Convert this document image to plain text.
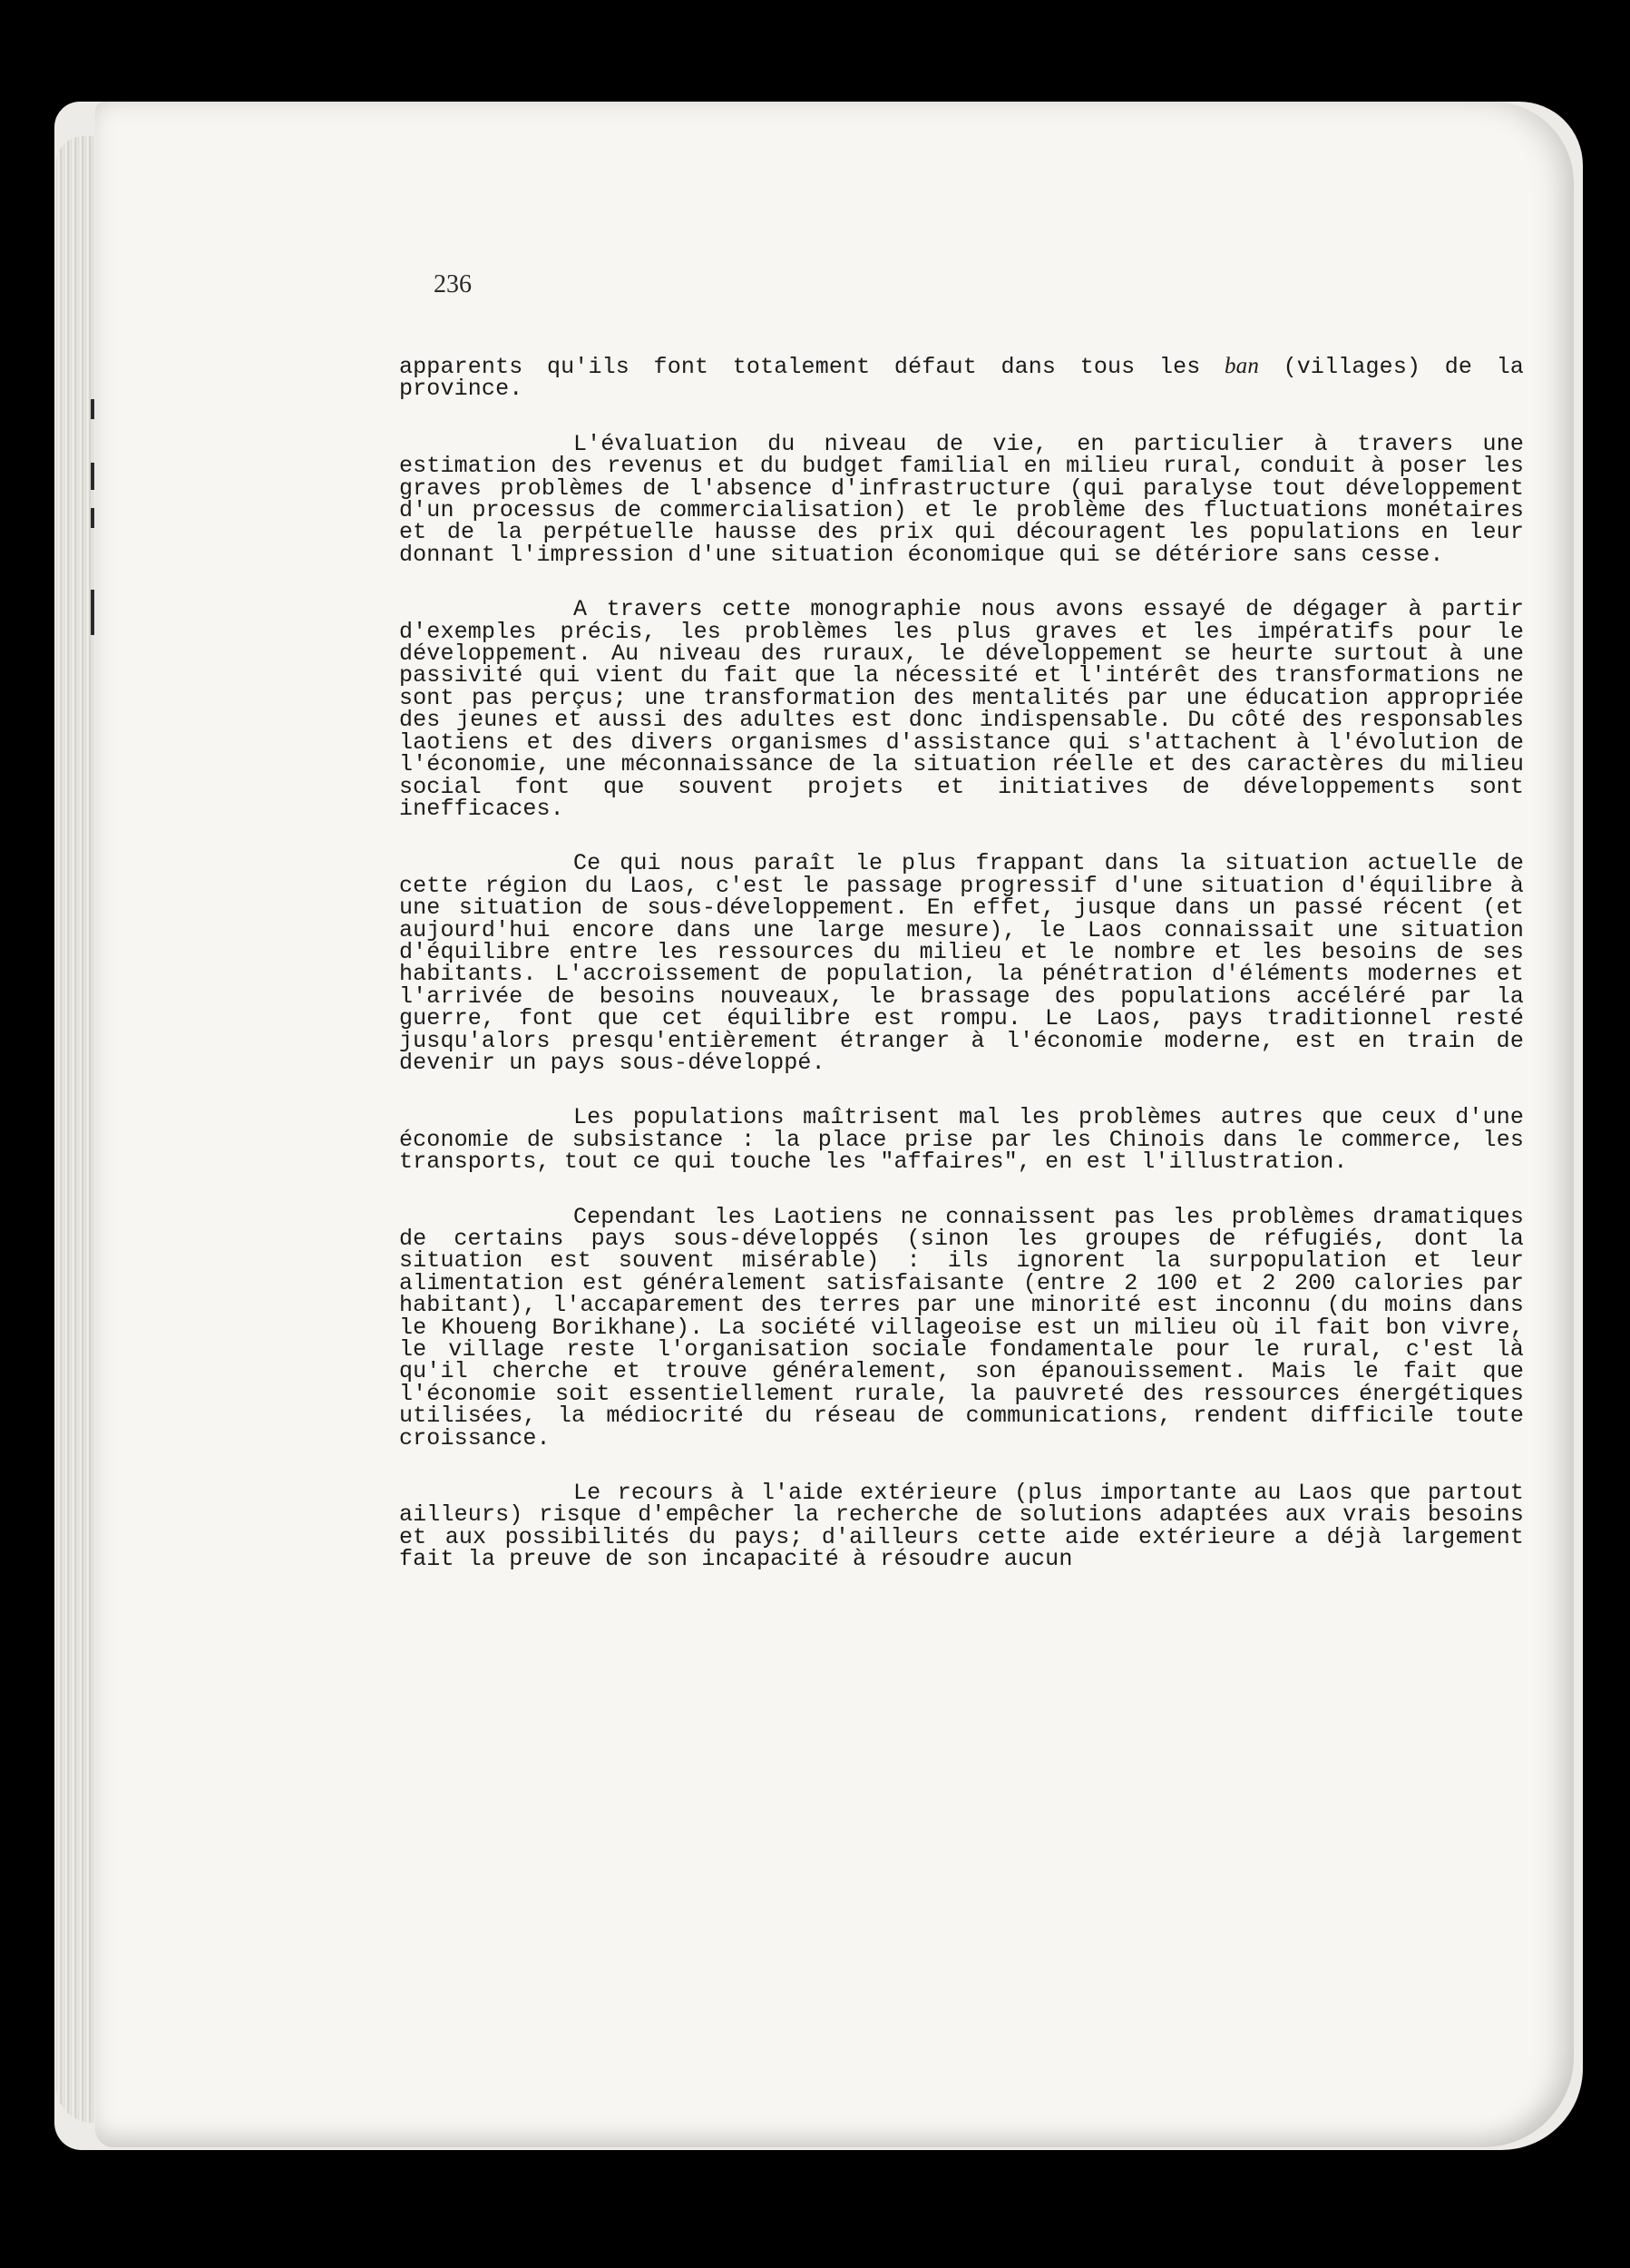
236

apparents qu'ils font totalement défaut dans tous les ban (villages) de la province.

L'évaluation du niveau de vie, en particulier à travers une estimation des revenus et du budget familial en milieu rural, conduit à poser les graves problèmes de l'absence d'infrastructure (qui paralyse tout développement d'un processus de commercialisation) et le problème des fluctuations monétaires et de la perpétuelle hausse des prix qui découragent les populations en leur donnant l'impression d'une situation économique qui se détériore sans cesse.

A travers cette monographie nous avons essayé de dégager à partir d'exemples précis, les problèmes les plus graves et les impératifs pour le développement. Au niveau des ruraux, le développement se heurte surtout à une passivité qui vient du fait que la nécessité et l'intérêt des transformations ne sont pas perçus; une transformation des mentalités par une éducation appropriée des jeunes et aussi des adultes est donc indispensable. Du côté des responsables laotiens et des divers organismes d'assistance qui s'attachent à l'évolution de l'économie, une méconnaissance de la situation réelle et des caractères du milieu social font que souvent projets et initiatives de développements sont inefficaces.

Ce qui nous paraît le plus frappant dans la situation actuelle de cette région du Laos, c'est le passage progressif d'une situation d'équilibre à une situation de sous-développement. En effet, jusque dans un passé récent (et aujourd'hui encore dans une large mesure), le Laos connaissait une situation d'équilibre entre les ressources du milieu et le nombre et les besoins de ses habitants. L'accroissement de population, la pénétration d'éléments modernes et l'arrivée de besoins nouveaux, le brassage des populations accéléré par la guerre, font que cet équilibre est rompu. Le Laos, pays traditionnel resté jusqu'alors presqu'entièrement étranger à l'économie moderne, est en train de devenir un pays sous-développé.

Les populations maîtrisent mal les problèmes autres que ceux d'une économie de subsistance : la place prise par les Chinois dans le commerce, les transports, tout ce qui touche les "affaires", en est l'illustration.

Cependant les Laotiens ne connaissent pas les problèmes dramatiques de certains pays sous-développés (sinon les groupes de réfugiés, dont la situation est souvent misérable) : ils ignorent la surpopulation et leur alimentation est généralement satisfaisante (entre 2 100 et 2 200 calories par habitant), l'accaparement des terres par une minorité est inconnu (du moins dans le Khoueng Borikhane). La société villageoise est un milieu où il fait bon vivre, le village reste l'organisation sociale fondamentale pour le rural, c'est là qu'il cherche et trouve généralement, son épanouissement. Mais le fait que l'économie soit essentiellement rurale, la pauvreté des ressources énergétiques utilisées, la médiocrité du réseau de communications, rendent difficile toute croissance.

Le recours à l'aide extérieure (plus importante au Laos que partout ailleurs) risque d'empêcher la recherche de solutions adaptées aux vrais besoins et aux possibilités du pays; d'ailleurs cette aide extérieure a déjà largement fait la preuve de son incapacité à résoudre aucun
